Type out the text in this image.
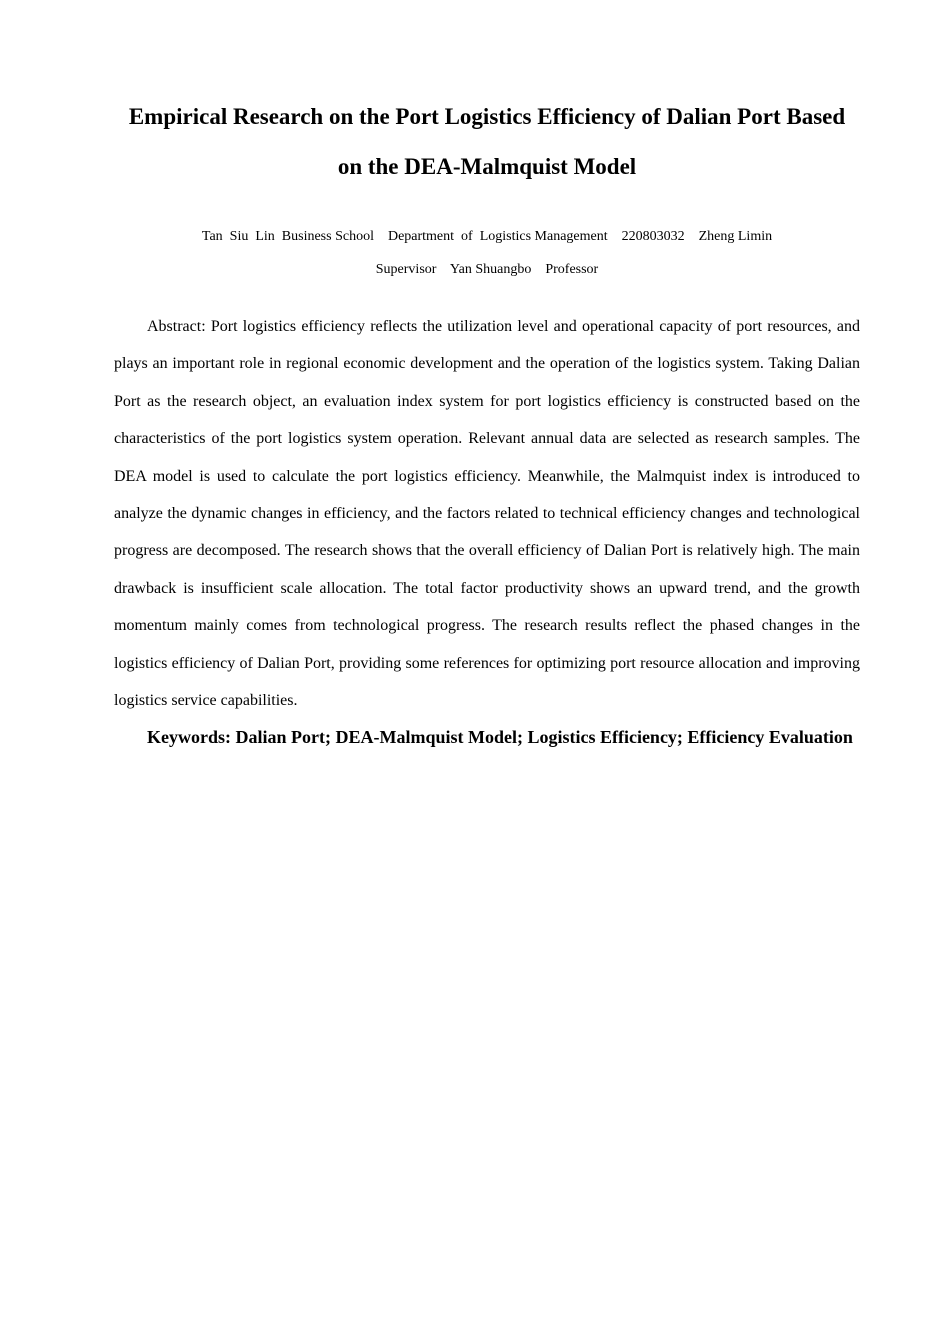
Empirical Research on the Port Logistics Efficiency of Dalian Port Based on the DEA-Malmquist Model
Tan  Siu  Lin  Business School    Department  of  Logistics Management    220803032    Zheng Limin
Supervisor    Yan Shuangbo    Professor

Abstract: Port logistics efficiency reflects the utilization level and operational capacity of port resources, and plays an important role in regional economic development and the operation of the logistics system. Taking Dalian Port as the research object, an evaluation index system for port logistics efficiency is constructed based on the characteristics of the port logistics system operation. Relevant annual data are selected as research samples. The DEA model is used to calculate the port logistics efficiency. Meanwhile, the Malmquist index is introduced to analyze the dynamic changes in efficiency, and the factors related to technical efficiency changes and technological progress are decomposed. The research shows that the overall efficiency of Dalian Port is relatively high. The main drawback is insufficient scale allocation. The total factor productivity shows an upward trend, and the growth momentum mainly comes from technological progress. The research results reflect the phased changes in the logistics efficiency of Dalian Port, providing some references for optimizing port resource allocation and improving logistics service capabilities.

Keywords: Dalian Port; DEA-Malmquist Model; Logistics Efficiency; Efficiency Evaluation
